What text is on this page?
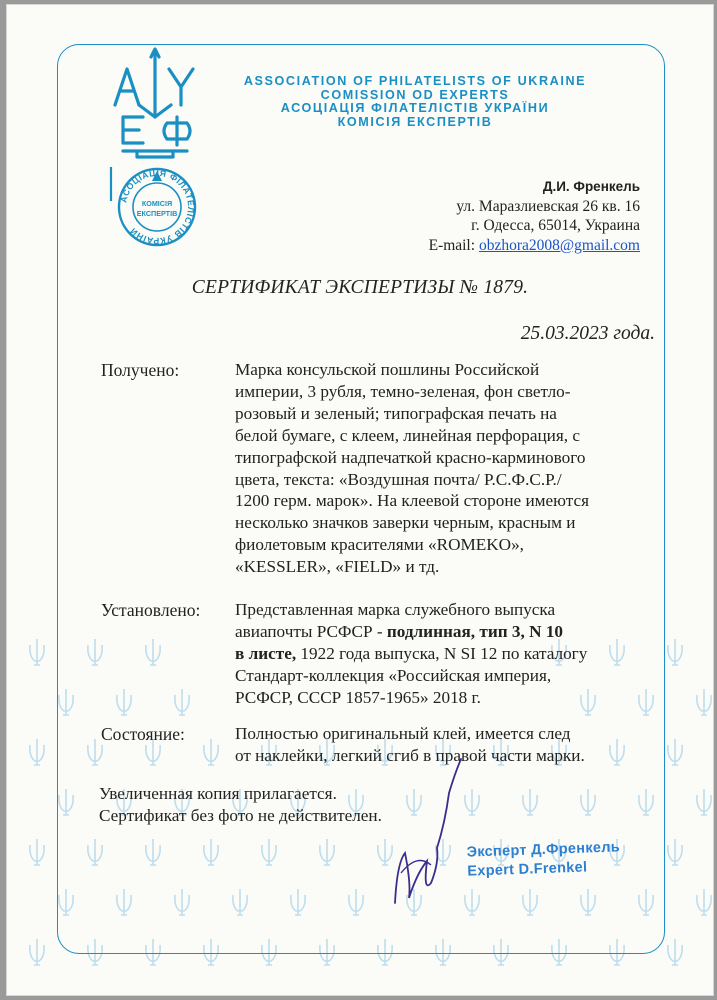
АСОЦІАЦІЯ ФІЛАТЕЛІСТІВ УКРАЇНИ
КОМІСІЯ
ЕКСПЕРТІВ
ASSOCIATION OF PHILATELISTS OF UKRAINE
COMISSION OD EXPERTS
АСОЦІАЦІЯ ФІЛАТЕЛІСТІВ УКРАЇНИ
КОМІСІЯ ЕКСПЕРТІВ
Д.И. Френкель
ул. Маразлиевская 26 кв. 16
г. Одесса, 65014, Украина
E-mail: obzhora2008@gmail.com
СЕРТИФИКАТ ЭКСПЕРТИЗЫ № 1879.
25.03.2023 года.
Получено:	Марка консульской пошлины Российской
империи, 3 рубля, темно-зеленая, фон светло-
розовый и зеленый; типографская печать на
белой бумаге, с клеем, линейная перфорация, с
типографской надпечаткой красно-карминового
цвета, текста: «Воздушная почта/ Р.С.Ф.С.Р./
1200 герм. марок». На клеевой стороне имеются
несколько значков заверки черным, красным и
фиолетовым красителями «ROMEKO»,
«KESSLER», «FIELD» и тд.
Установлено: Представленная марка служебного выпуска
авиапочты РСФСР - подлинная, тип 3, N 10
в листе, 1922 года выпуска, N SI 12 по каталогу
Стандарт-коллекция «Российская империя,
РСФСР, СССР 1857-1965» 2018 г.
Состояние:	Полностью оригинальный клей, имеется след
от наклейки, легкий сгиб в правой части марки.
Увеличенная копия прилагается.
Сертификат без фото не действителен.
Эксперт Д.Френкель
Expert D.Frenkel
